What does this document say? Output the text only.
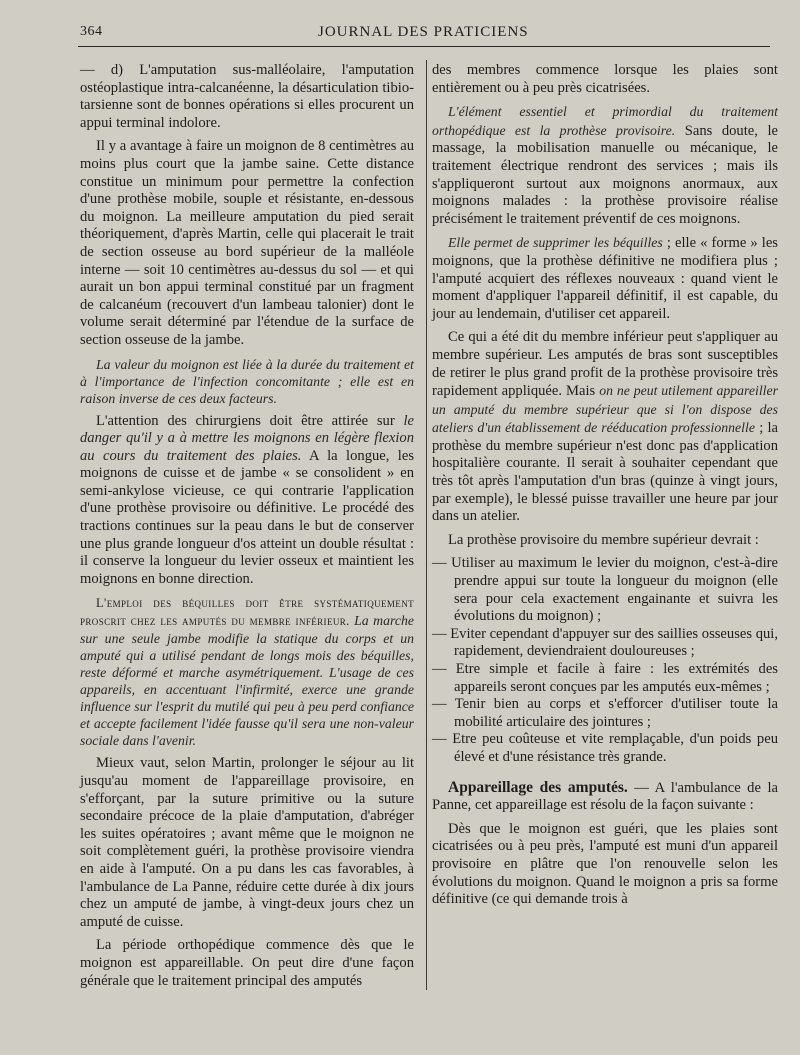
364	JOURNAL DES PRATICIENS

— d) L'amputation sus-malléolaire, l'amputation ostéoplastique intra-calcanéenne, la désarticulation tibio-tarsienne sont de bonnes opérations si elles procurent un appui terminal indolore.

Il y a avantage à faire un moignon de 8 centimètres au moins plus court que la jambe saine. Cette distance constitue un minimum pour permettre la confection d'une prothèse mobile, souple et résistante, en-dessous du moignon. La meilleure amputation du pied serait théoriquement, d'après Martin, celle qui placerait le trait de section osseuse au bord supérieur de la malléole interne — soit 10 centimètres au-dessus du sol — et qui aurait un bon appui terminal constitué par un fragment de calcanéum (recouvert d'un lambeau talonier) dont le volume serait déterminé par l'étendue de la surface de section osseuse de la jambe.

La valeur du moignon est liée à la durée du traitement et à l'importance de l'infection concomitante ; elle est en raison inverse de ces deux facteurs.

L'attention des chirurgiens doit être attirée sur le danger qu'il y a à mettre les moignons en légère flexion au cours du traitement des plaies. A la longue, les moignons de cuisse et de jambe « se consolident » en semi-ankylose vicieuse, ce qui contrarie l'application d'une prothèse provisoire ou définitive. Le procédé des tractions continues sur la peau dans le but de conserver une plus grande longueur d'os atteint un double résultat : il conserve la longueur du levier osseux et maintient les moignons en bonne direction.

L'emploi des béquilles doit être systématiquement proscrit chez les amputés du membre inférieur. La marche sur une seule jambe modifie la statique du corps et un amputé qui a utilisé pendant de longs mois des béquilles, reste déformé et marche asymétriquement. L'usage de ces appareils, en accentuant l'infirmité, exerce une grande influence sur l'esprit du mutilé qui peu à peu perd confiance et accepte facilement l'idée fausse qu'il sera une non-valeur sociale dans l'avenir.

Mieux vaut, selon Martin, prolonger le séjour au lit jusqu'au moment de l'appareillage provisoire, en s'efforçant, par la suture primitive ou la suture secondaire précoce de la plaie d'amputation, d'abréger les suites opératoires ; avant même que le moignon ne soit complètement guéri, la prothèse provisoire viendra en aide à l'amputé. On a pu dans les cas favorables, à l'ambulance de La Panne, réduire cette durée à dix jours chez un amputé de jambe, à vingt-deux jours chez un amputé de cuisse.

La période orthopédique commence dès que le moignon est appareillable. On peut dire d'une façon générale que le traitement principal des amputés

des membres commence lorsque les plaies sont entièrement ou à peu près cicatrisées.

L'élément essentiel et primordial du traitement orthopédique est la prothèse provisoire. Sans doute, le massage, la mobilisation manuelle ou mécanique, le traitement électrique rendront des services ; mais ils s'appliqueront surtout aux moignons anormaux, aux moignons malades : la prothèse provisoire réalise précisément le traitement préventif de ces moignons.

Elle permet de supprimer les béquilles ; elle « forme » les moignons, que la prothèse définitive ne modifiera plus ; l'amputé acquiert des réflexes nouveaux : quand vient le moment d'appliquer l'appareil définitif, il est capable, du jour au lendemain, d'utiliser cet appareil.

Ce qui a été dit du membre inférieur peut s'appliquer au membre supérieur. Les amputés de bras sont susceptibles de retirer le plus grand profit de la prothèse provisoire très rapidement appliquée. Mais on ne peut utilement appareiller un amputé du membre supérieur que si l'on dispose des ateliers d'un établissement de rééducation professionnelle ; la prothèse du membre supérieur n'est donc pas d'application hospitalière courante. Il serait à souhaiter cependant que très tôt après l'amputation d'un bras (quinze à vingt jours, par exemple), le blessé puisse travailler une heure par jour dans un atelier.

La prothèse provisoire du membre supérieur devrait :

— Utiliser au maximum le levier du moignon, c'est-à-dire prendre appui sur toute la longueur du moignon (elle sera pour cela exactement engainante et suivra les évolutions du moignon) ;
— Eviter cependant d'appuyer sur des saillies osseuses qui, rapidement, deviendraient douloureuses ;
— Etre simple et facile à faire : les extrémités des appareils seront conçues par les amputés eux-mêmes ;
— Tenir bien au corps et s'efforcer d'utiliser toute la mobilité articulaire des jointures ;
— Etre peu coûteuse et vite remplaçable, d'un poids peu élevé et d'une résistance très grande.

Appareillage des amputés. — A l'ambulance de la Panne, cet appareillage est résolu de la façon suivante :

Dès que le moignon est guéri, que les plaies sont cicatrisées ou à peu près, l'amputé est muni d'un appareil provisoire en plâtre que l'on renouvelle selon les évolutions du moignon. Quand le moignon a pris sa forme définitive (ce qui demande trois à
